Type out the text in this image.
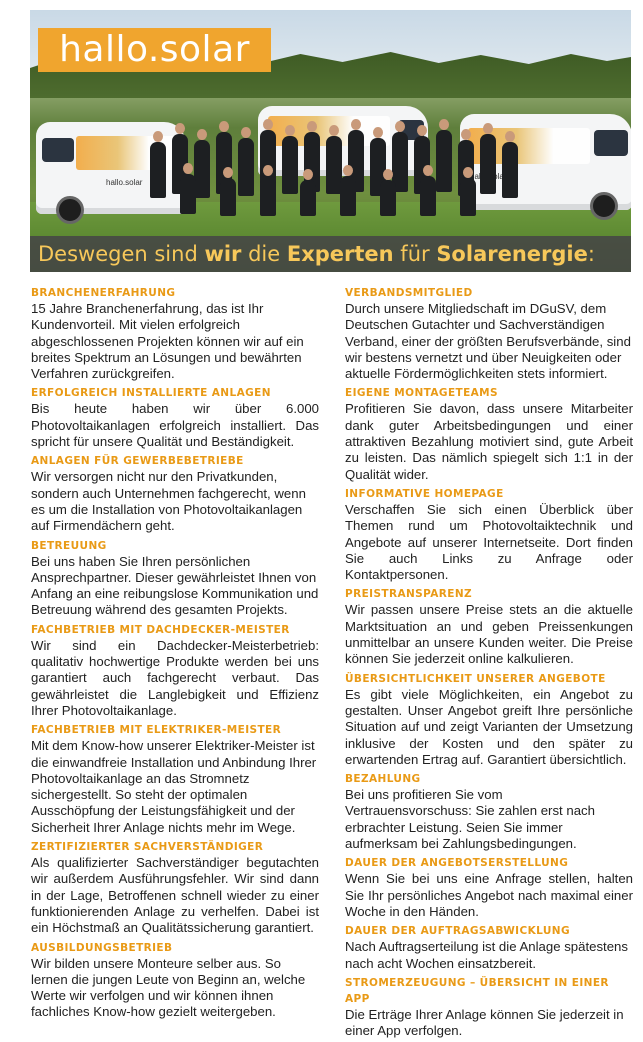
hallo.solar
hallo.solar
Deswegen sind wir die Experten für Solarenergie:
BRANCHENERFAHRUNG

15 Jahre Branchenerfahrung, das ist Ihr Kundenvorteil. Mit vielen erfolgreich abgeschlossenen Projekten können wir auf ein breites Spektrum an Lösungen und bewährten Verfahren zurückgreifen.

ERFOLGREICH INSTALLIERTE ANLAGEN

Bis heute haben wir über 6.000 Photovoltaikanlagen erfolgreich installiert. Das spricht für unsere Qualität und Beständigkeit.

ANLAGEN FÜR GEWERBEBETRIEBE

Wir versorgen nicht nur den Privatkunden, sondern auch Unternehmen fachgerecht, wenn es um die Installation von Photovoltaikanlagen auf Firmendächern geht.

BETREUUNG

Bei uns haben Sie Ihren persönlichen Ansprechpartner. Dieser gewährleistet Ihnen von Anfang an eine reibungslose Kommunikation und Betreuung während des gesamten Projekts.

FACHBETRIEB MIT DACHDECKER-MEISTER

Wir sind ein Dachdecker-Meisterbetrieb: qualitativ hochwertige Produkte werden bei uns garantiert auch fachgerecht verbaut. Das gewährleistet die Langlebigkeit und Effizienz Ihrer Photovoltaikanlage.

FACHBETRIEB MIT ELEKTRIKER-MEISTER

Mit dem Know-how unserer Elektriker-Meister ist die einwandfreie Installation und Anbindung Ihrer Photovoltaikanlage an das Stromnetz sichergestellt. So steht der optimalen Ausschöpfung der Leistungsfähigkeit und der Sicherheit Ihrer Anlage nichts mehr im Wege.

ZERTIFIZIERTER SACHVERSTÄNDIGER

Als qualifizierter Sachverständiger begutachten wir außerdem Ausführungsfehler. Wir sind dann in der Lage, Betroffenen schnell wieder zu einer funktionierenden Anlage zu verhelfen. Dabei ist ein Höchstmaß an Qualitätssicherung garantiert.

AUSBILDUNGSBETRIEB

Wir bilden unsere Monteure selber aus. So lernen die jungen Leute von Beginn an, welche Werte wir verfolgen und wir können ihnen fachliches Know-how gezielt weitergeben.

VERBANDSMITGLIED

Durch unsere Mitgliedschaft im DGuSV, dem Deutschen Gutachter und Sachverständigen Verband, einer der größten Berufsverbände, sind wir bestens vernetzt und über Neuigkeiten oder aktuelle Fördermöglichkeiten stets informiert.

EIGENE MONTAGETEAMS

Profitieren Sie davon, dass unsere Mitarbeiter dank guter Arbeitsbedingungen und einer attraktiven Bezahlung motiviert sind, gute Arbeit zu leisten. Das nämlich spiegelt sich 1:1 in der Qualität wider.

INFORMATIVE HOMEPAGE

Verschaffen Sie sich einen Überblick über Themen rund um Photovoltaiktechnik und Angebote auf unserer Internetseite. Dort finden Sie auch Links zu Anfrage oder Kontaktpersonen.

PREISTRANSPARENZ

Wir passen unsere Preise stets an die aktuelle Marktsituation an und geben Preissenkungen unmittelbar an unsere Kunden weiter. Die Preise können Sie jederzeit online kalkulieren.

ÜBERSICHTLICHKEIT UNSERER ANGEBOTE

Es gibt viele Möglichkeiten, ein Angebot zu gestalten. Unser Angebot greift Ihre persönliche Situation auf und zeigt Varianten der Umsetzung inklusive der Kosten und den später zu erwartenden Ertrag auf. Garantiert übersichtlich.

BEZAHLUNG

Bei uns profitieren Sie vom Vertrauensvorschuss: Sie zahlen erst nach erbrachter Leistung. Seien Sie immer aufmerksam bei Zahlungsbedingungen.

DAUER DER ANGEBOTSERSTELLUNG

Wenn Sie bei uns eine Anfrage stellen, halten Sie Ihr persönliches Angebot nach maximal einer Woche in den Händen.

DAUER DER AUFTRAGSABWICKLUNG

Nach Auftragserteilung ist die Anlage spätestens nach acht Wochen einsatzbereit.

STROMERZEUGUNG – ÜBERSICHT IN EINER APP

Die Erträge Ihrer Anlage können Sie jederzeit in einer App verfolgen.
